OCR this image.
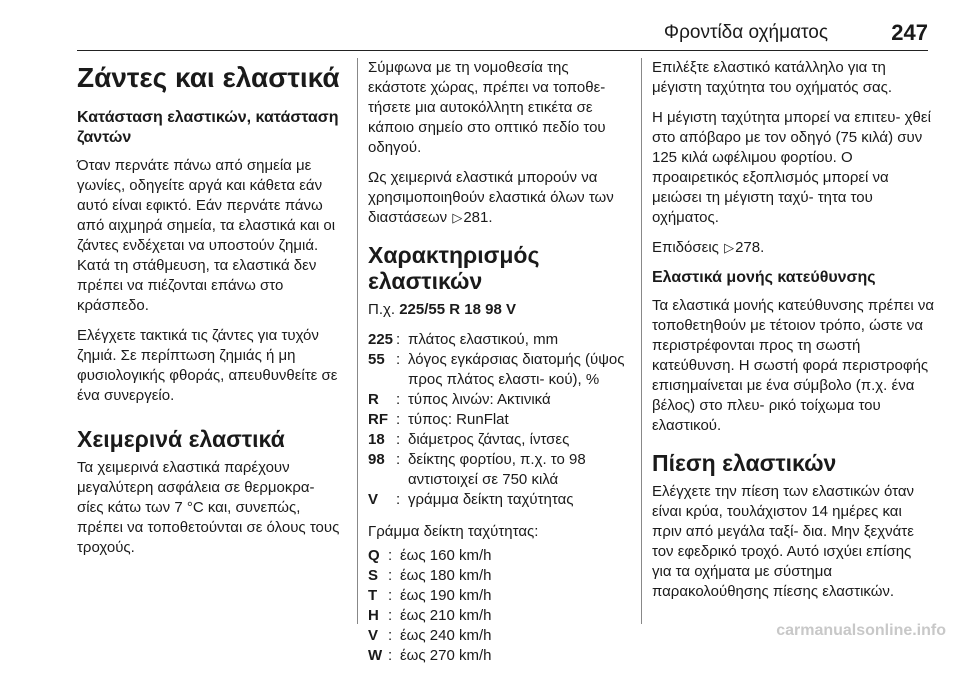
Φροντίδα οχήματος	247
Ζάντες και ελαστικά
Κατάσταση ελαστικών, κατάσταση ζαντών

Όταν περνάτε πάνω από σημεία με γωνίες, οδηγείτε αργά και κάθετα εάν αυτό είναι εφικτό. Εάν περνάτε πάνω από αιχμηρά σημεία, τα ελαστικά και οι ζάντες ενδέχεται να υποστούν ζημιά. Κατά τη στάθμευση, τα ελαστικά δεν πρέπει να πιέζονται επάνω στο κράσπεδο.

Ελέγχετε τακτικά τις ζάντες για τυχόν ζημιά. Σε περίπτωση ζημιάς ή μη φυσιολογικής φθοράς, απευθυνθείτε σε ένα συνεργείο.

Χειμερινά ελαστικά

Τα χειμερινά ελαστικά παρέχουν μεγαλύτερη ασφάλεια σε θερμοκρα- σίες κάτω των 7 °C και, συνεπώς, πρέπει να τοποθετούνται σε όλους τους τροχούς.

Σύμφωνα με τη νομοθεσία της εκάστοτε χώρας, πρέπει να τοποθε- τήσετε μια αυτοκόλλητη ετικέτα σε κάποιο σημείο στο οπτικό πεδίο του οδηγού.

Ως χειμερινά ελαστικά μπορούν να χρησιμοποιηθούν ελαστικά όλων των διαστάσεων ▷281.

Χαρακτηρισμός ελαστικών

Π.χ. 225/55 R 18 98 V

225 : πλάτος ελαστικού, mm
55 : λόγος εγκάρσιας διατομής (ύψος προς πλάτος ελαστι- κού), %
R	: τύπος λινών: Ακτινικά
RF : τύπος: RunFlat
18 : διάμετρος ζάντας, ίντσες
98 : δείκτης φορτίου, π.χ. το 98 αντιστοιχεί σε 750 κιλά
V	: γράμμα δείκτη ταχύτητας

Γράμμα δείκτη ταχύτητας:

Q : έως 160 km/h
S : έως 180 km/h
T : έως 190 km/h
H : έως 210 km/h
V : έως 240 km/h
W : έως 270 km/h

Επιλέξτε ελαστικό κατάλληλο για τη μέγιστη ταχύτητα του οχήματός σας.

Η μέγιστη ταχύτητα μπορεί να επιτευ- χθεί στο απόβαρο με τον οδηγό (75 κιλά) συν 125 κιλά ωφέλιμου φορτίου. Ο προαιρετικός εξοπλισμός μπορεί να μειώσει τη μέγιστη ταχύ- τητα του οχήματος.

Επιδόσεις ▷278.

Ελαστικά μονής κατεύθυνσης

Τα ελαστικά μονής κατεύθυνσης πρέπει να τοποθετηθούν με τέτοιον τρόπο, ώστε να περιστρέφονται προς τη σωστή κατεύθυνση. Η σωστή φορά περιστροφής επισημαίνεται με ένα σύμβολο (π.χ. ένα βέλος) στο πλευ- ρικό τοίχωμα του ελαστικού.

Πίεση ελαστικών

Ελέγχετε την πίεση των ελαστικών όταν είναι κρύα, τουλάχιστον 14 ημέρες και πριν από μεγάλα ταξί- δια. Μην ξεχνάτε τον εφεδρικό τροχό. Αυτό ισχύει επίσης για τα οχήματα με σύστημα παρακολούθησης πίεσης ελαστικών.

carmanualsonline.info
